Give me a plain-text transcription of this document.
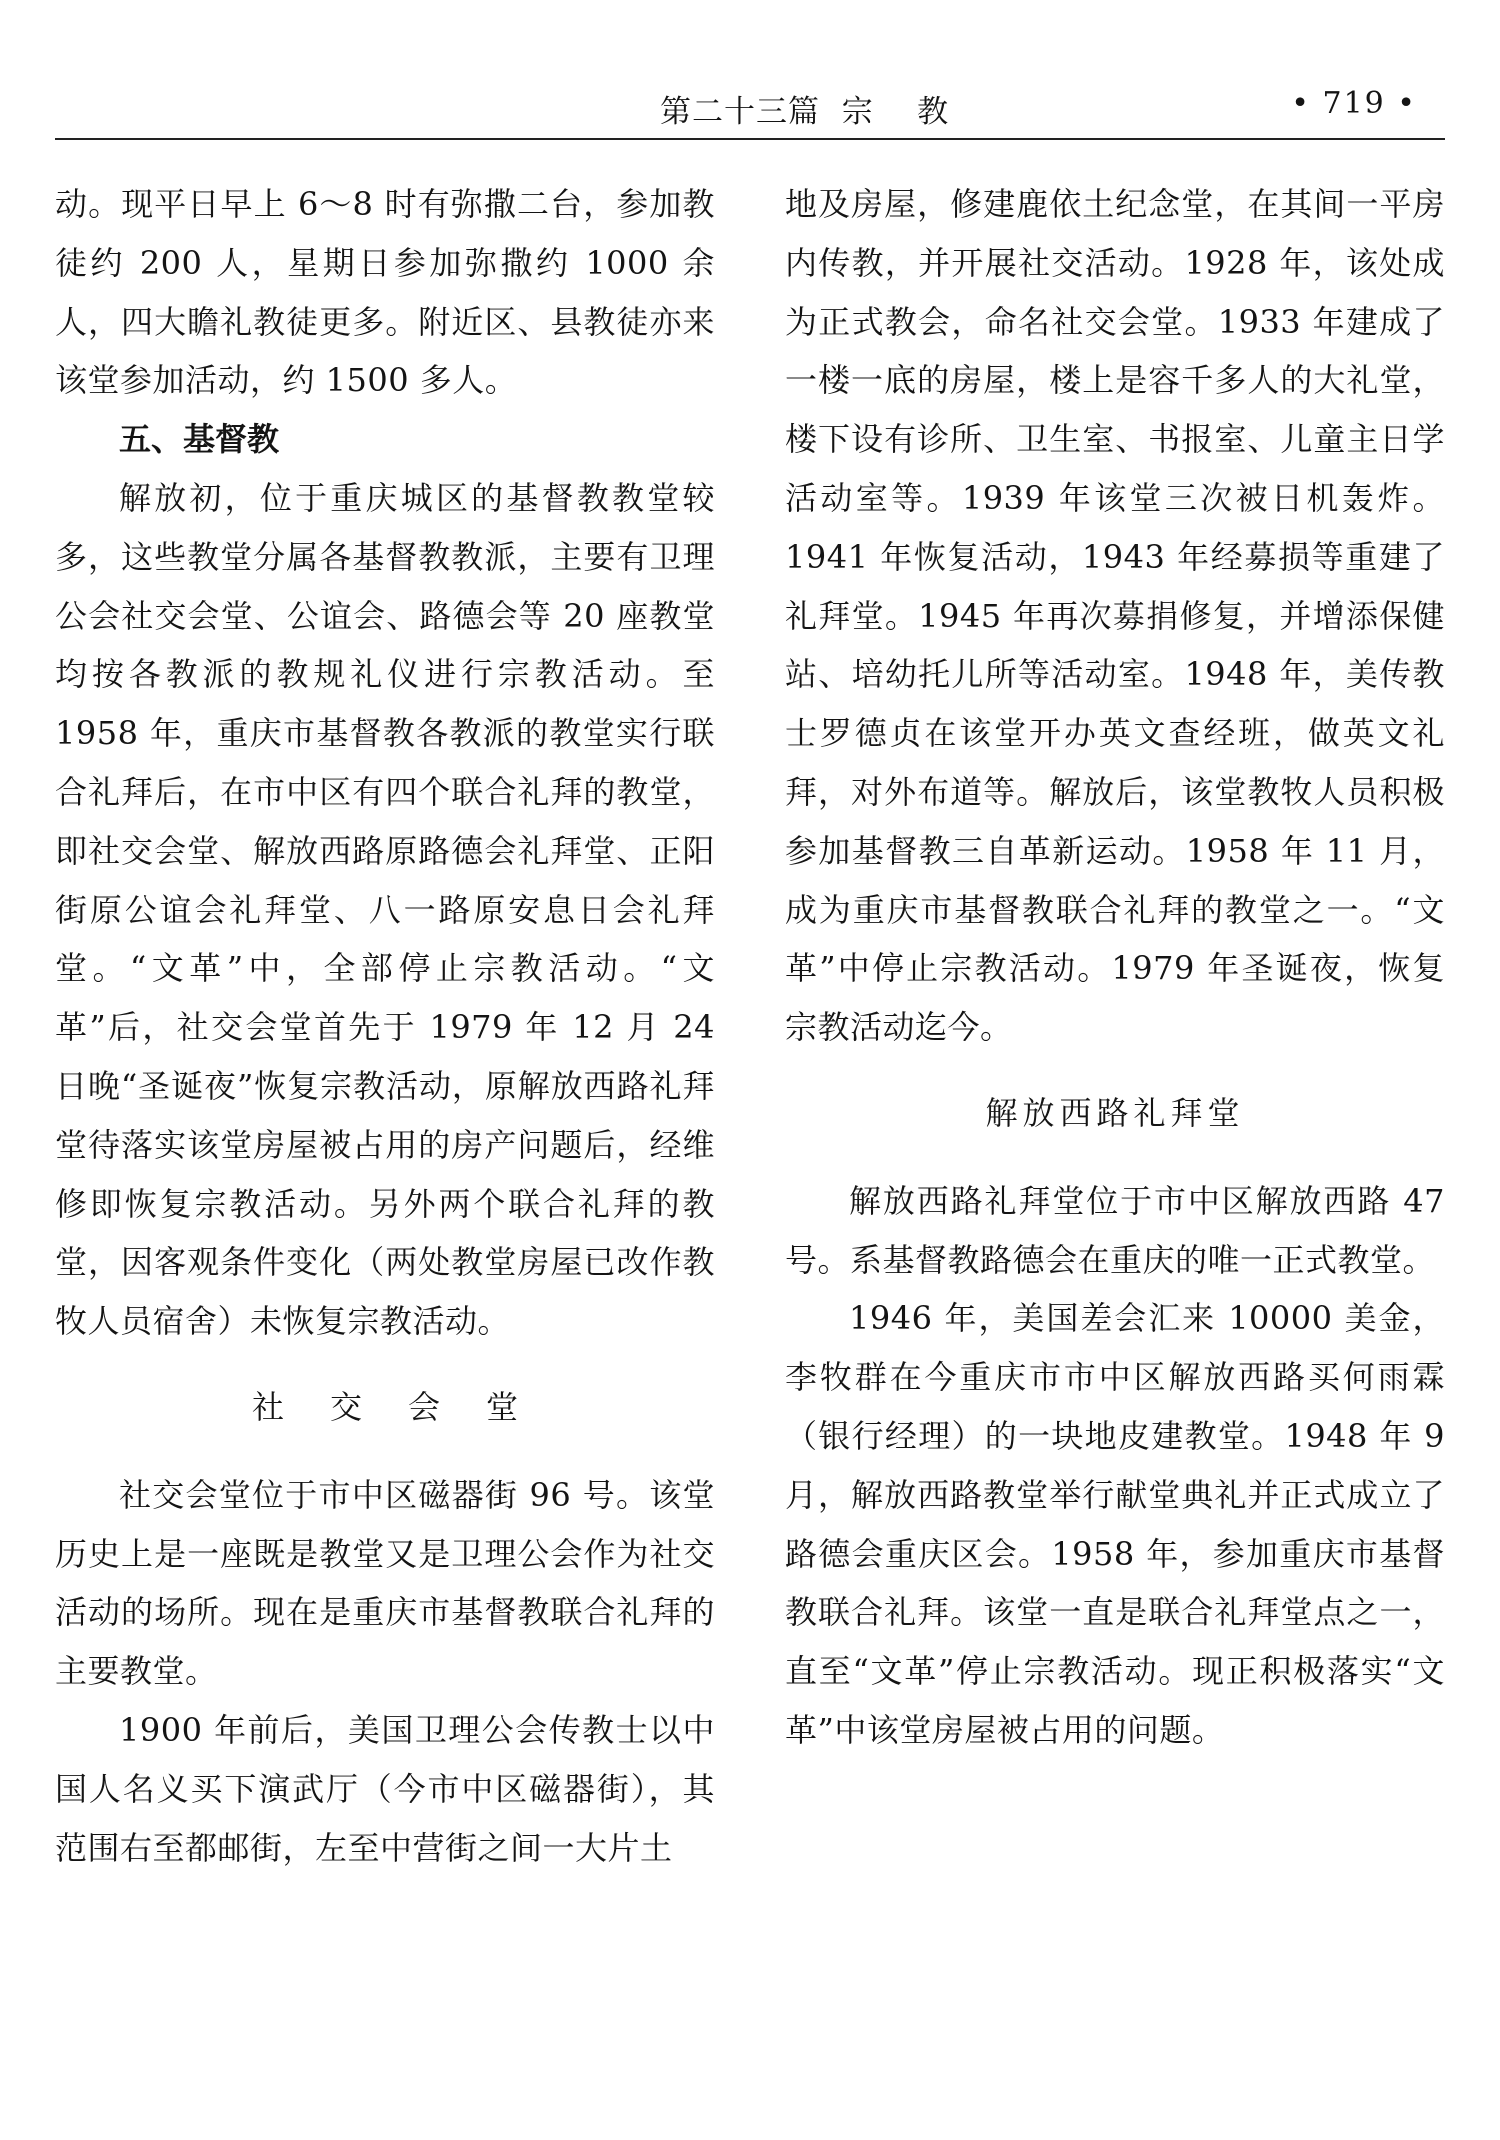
第二十三篇  宗    教	• 719 •

动。现平日早上 6～8 时有弥撒二台，参加教徒约 200 人，星期日参加弥撒约 1000 余人，四大瞻礼教徒更多。附近区、县教徒亦来该堂参加活动，约 1500 多人。

五、基督教

解放初，位于重庆城区的基督教教堂较多，这些教堂分属各基督教教派，主要有卫理公会社交会堂、公谊会、路德会等 20 座教堂均按各教派的教规礼仪进行宗教活动。至 1958 年，重庆市基督教各教派的教堂实行联合礼拜后，在市中区有四个联合礼拜的教堂，即社交会堂、解放西路原路德会礼拜堂、正阳街原公谊会礼拜堂、八一路原安息日会礼拜堂。“文革”中，全部停止宗教活动。“文革”后，社交会堂首先于 1979 年 12 月 24 日晚“圣诞夜”恢复宗教活动，原解放西路礼拜堂待落实该堂房屋被占用的房产问题后，经维修即恢复宗教活动。另外两个联合礼拜的教堂，因客观条件变化（两处教堂房屋已改作教牧人员宿舍）未恢复宗教活动。

社交会堂

社交会堂位于市中区磁器街 96 号。该堂历史上是一座既是教堂又是卫理公会作为社交活动的场所。现在是重庆市基督教联合礼拜的主要教堂。

1900 年前后，美国卫理公会传教士以中国人名义买下演武厅（今市中区磁器街），其范围右至都邮街，左至中营街之间一大片土

地及房屋，修建鹿依土纪念堂，在其间一平房内传教，并开展社交活动。1928 年，该处成为正式教会，命名社交会堂。1933 年建成了一楼一底的房屋，楼上是容千多人的大礼堂，楼下设有诊所、卫生室、书报室、儿童主日学活动室等。1939 年该堂三次被日机轰炸。1941 年恢复活动，1943 年经募损等重建了礼拜堂。1945 年再次募捐修复，并增添保健站、培幼托儿所等活动室。1948 年，美传教士罗德贞在该堂开办英文查经班，做英文礼拜，对外布道等。解放后，该堂教牧人员积极参加基督教三自革新运动。1958 年 11 月，成为重庆市基督教联合礼拜的教堂之一。“文革”中停止宗教活动。1979 年圣诞夜，恢复宗教活动迄今。

解放西路礼拜堂

解放西路礼拜堂位于市中区解放西路 47 号。系基督教路德会在重庆的唯一正式教堂。

1946 年，美国差会汇来 10000 美金，李牧群在今重庆市市中区解放西路买何雨霖（银行经理）的一块地皮建教堂。1948 年 9 月，解放西路教堂举行献堂典礼并正式成立了路德会重庆区会。1958 年，参加重庆市基督教联合礼拜。该堂一直是联合礼拜堂点之一，直至“文革”停止宗教活动。现正积极落实“文革”中该堂房屋被占用的问题。
